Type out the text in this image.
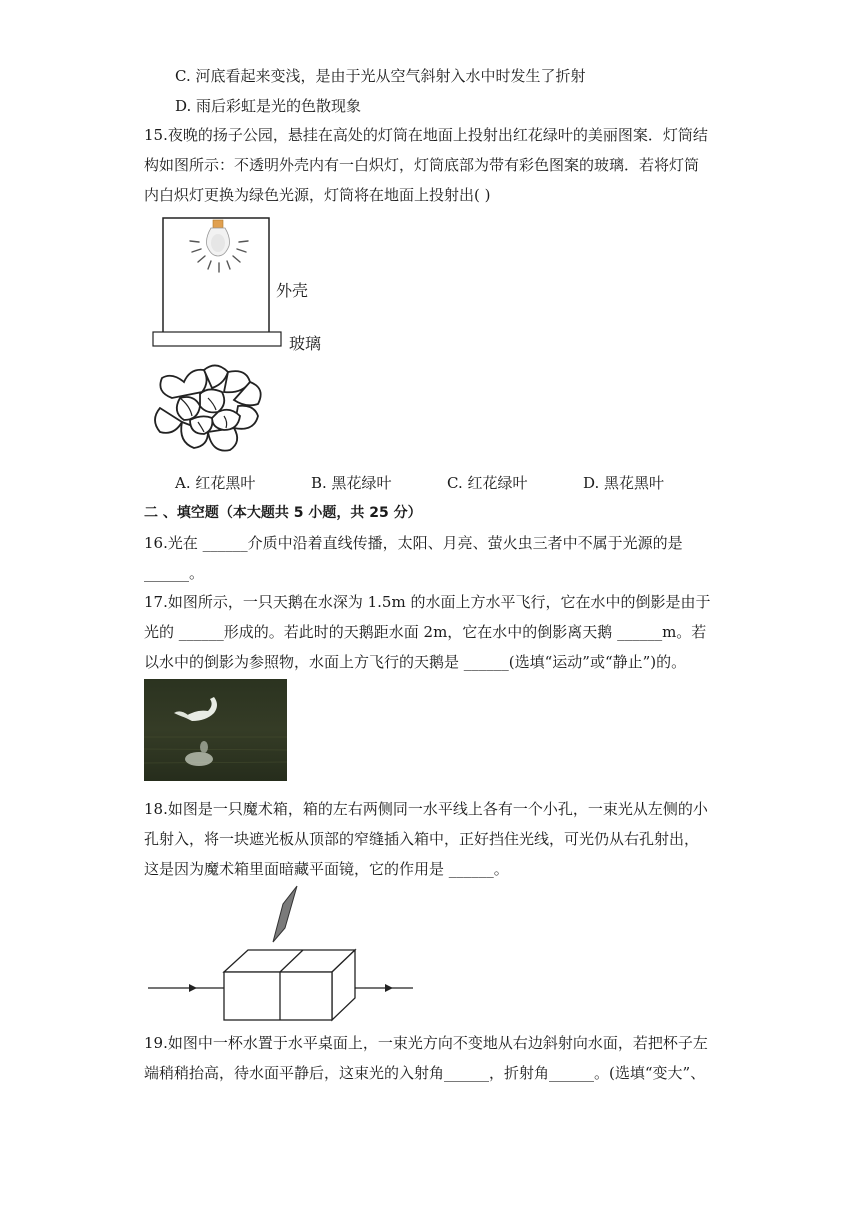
C. 河底看起来变浅，是由于光从空气斜射入水中时发生了折射
D. 雨后彩虹是光的色散现象
15.夜晚的扬子公园，悬挂在高处的灯筒在地面上投射出红花绿叶的美丽图案．灯筒结
构如图所示：不透明外壳内有一白炽灯，灯筒底部为带有彩色图案的玻璃．若将灯筒
内白炽灯更换为绿色光源，灯筒将在地面上投射出( )
外壳
玻璃
A. 红花黑叶	B. 黑花绿叶	C. 红花绿叶	D. 黑花黑叶
二 、填空题（本大题共 5 小题，共 25 分）
16.光在 ______介质中沿着直线传播，太阳、月亮、萤火虫三者中不属于光源的是
______。
17.如图所示，一只天鹅在水深为 1.5m 的水面上方水平飞行，它在水中的倒影是由于
光的 ______形成的。若此时的天鹅距水面 2m，它在水中的倒影离天鹅 ______m。若
以水中的倒影为参照物，水面上方飞行的天鹅是 ______(选填“运动”或“静止”)的。
18.如图是一只魔术箱，箱的左右两侧同一水平线上各有一个小孔，一束光从左侧的小
孔射入，将一块遮光板从顶部的窄缝插入箱中，正好挡住光线，可光仍从右孔射出，
这是因为魔术箱里面暗藏平面镜，它的作用是 ______。
19.如图中一杯水置于水平桌面上，一束光方向不变地从右边斜射向水面，若把杯子左
端稍稍抬高，待水面平静后，这束光的入射角______，折射角______。(选填“变大”、
